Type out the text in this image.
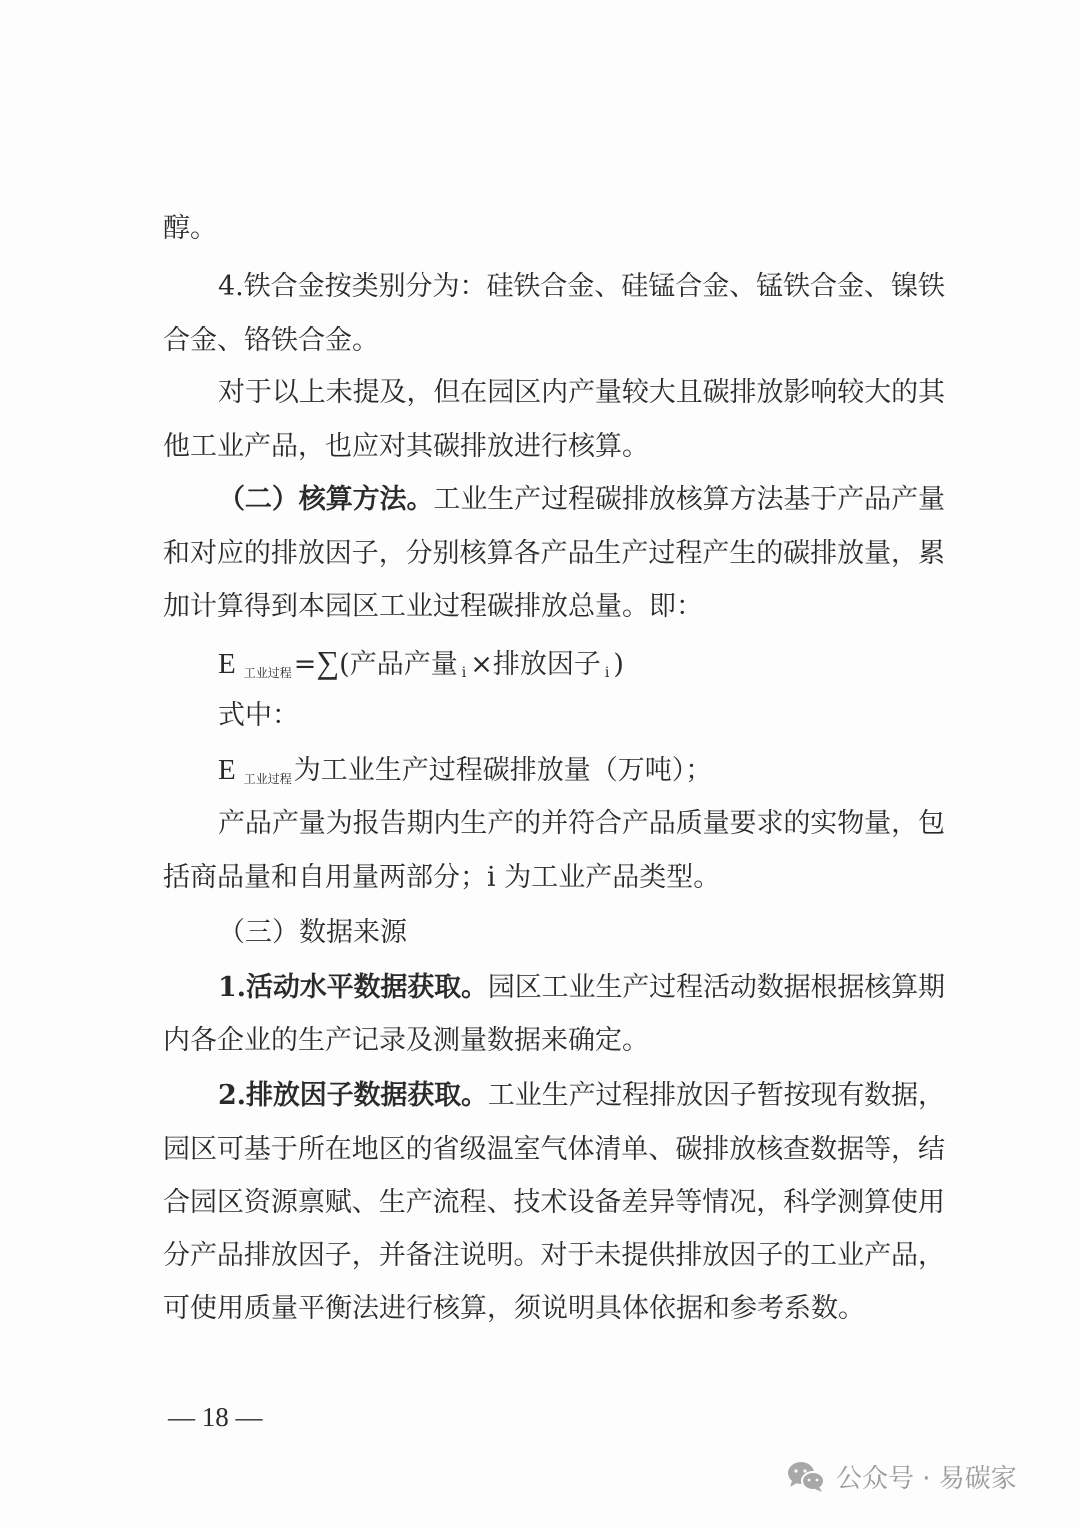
醇。
4.铁合金按类别分为：硅铁合金、硅锰合金、锰铁合金、镍铁
合金、铬铁合金。
对于以上未提及，但在园区内产量较大且碳排放影响较大的其
他工业产品，也应对其碳排放进行核算。
（二）核算方法。工业生产过程碳排放核算方法基于产品产量
和对应的排放因子，分别核算各产品生产过程产生的碳排放量，累
加计算得到本园区工业过程碳排放总量。即：
E $_{工业过程}$=∑(产品产量 i ×排放因子 i )
式中：
E $_{工业过程}$为工业生产过程碳排放量（万吨）；
产品产量为报告期内生产的并符合产品质量要求的实物量，包
括商品量和自用量两部分；i 为工业产品类型。
（三）数据来源
1.活动水平数据获取。园区工业生产过程活动数据根据核算期
内各企业的生产记录及测量数据来确定。
2.排放因子数据获取。工业生产过程排放因子暂按现有数据，
园区可基于所在地区的省级温室气体清单、碳排放核查数据等，结
合园区资源禀赋、生产流程、技术设备差异等情况，科学测算使用
分产品排放因子，并备注说明。对于未提供排放因子的工业产品，
可使用质量平衡法进行核算，须说明具体依据和参考系数。
— 18 —
公众号 · 易碳家
